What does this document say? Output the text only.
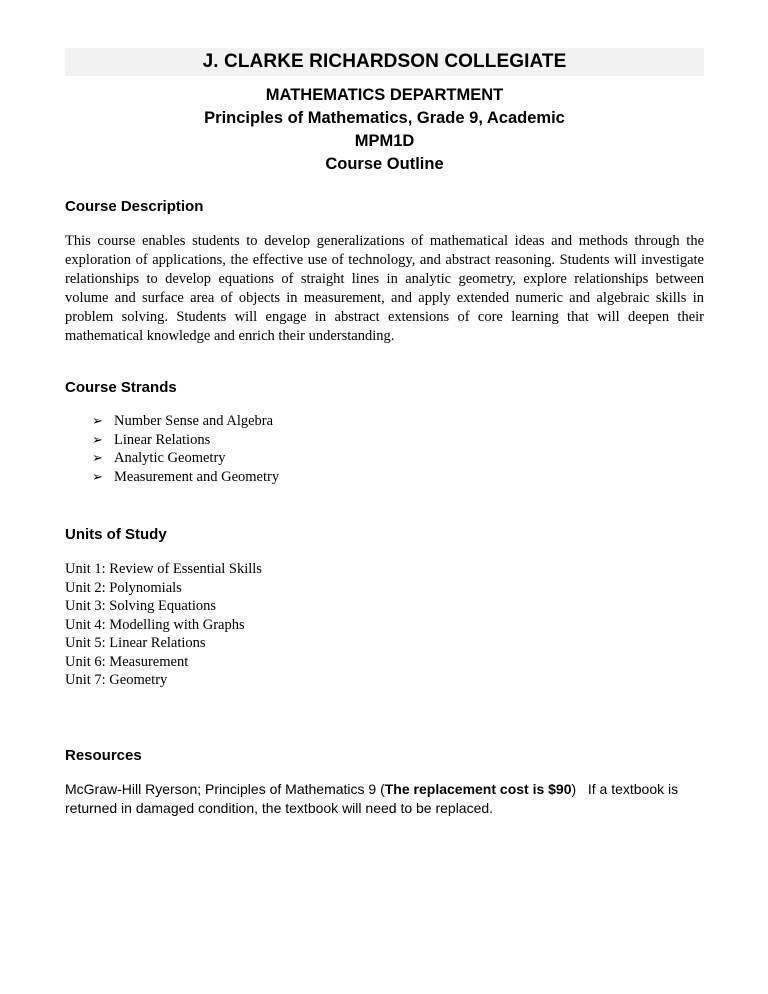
J. CLARKE RICHARDSON COLLEGIATE
MATHEMATICS DEPARTMENT
Principles of Mathematics, Grade 9, Academic
MPM1D
Course Outline
Course Description

This course enables students to develop generalizations of mathematical ideas and methods through the exploration of applications, the effective use of technology, and abstract reasoning. Students will investigate relationships to develop equations of straight lines in analytic geometry, explore relationships between volume and surface area of objects in measurement, and apply extended numeric and algebraic skills in problem solving. Students will engage in abstract extensions of core learning that will deepen their mathematical knowledge and enrich their understanding.

Course Strands
➢ Number Sense and Algebra
➢ Linear Relations
➢ Analytic Geometry
➢ Measurement and Geometry
Units of Study
Unit 1: Review of Essential Skills
Unit 2: Polynomials
Unit 3: Solving Equations
Unit 4: Modelling with Graphs
Unit 5: Linear Relations
Unit 6: Measurement
Unit 7: Geometry
Resources

McGraw-Hill Ryerson; Principles of Mathematics 9 (The replacement cost is $90) If a textbook is returned in damaged condition, the textbook will need to be replaced.
